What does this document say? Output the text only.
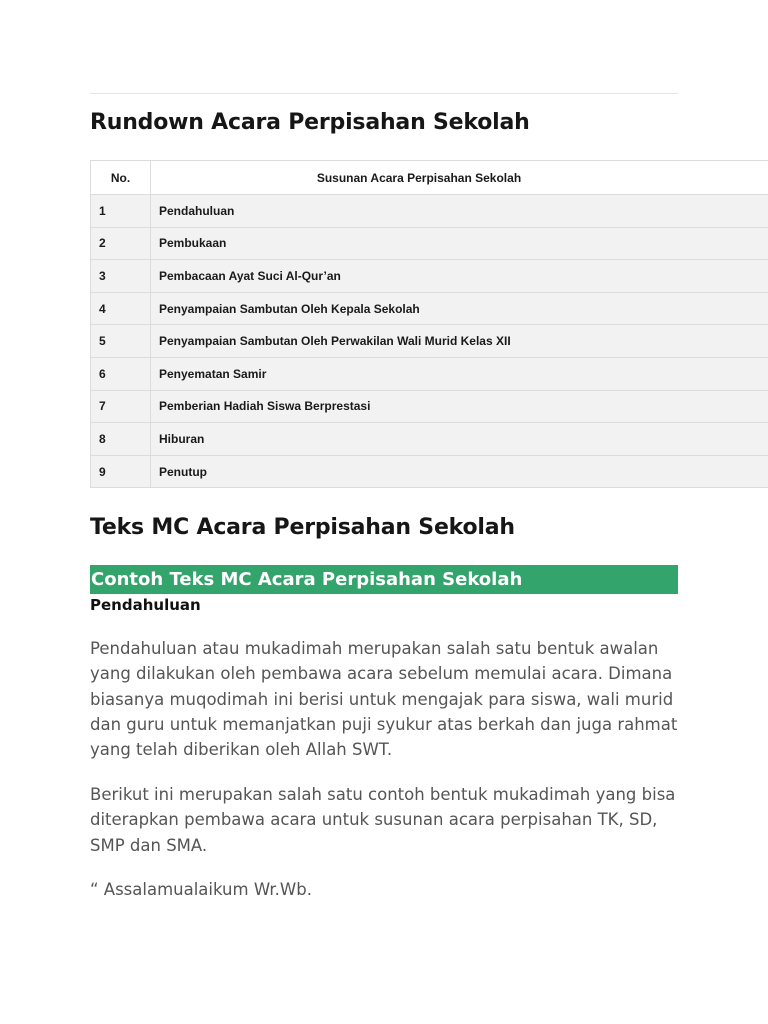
Rundown Acara Perpisahan Sekolah
No.	Susunan Acara Perpisahan Sekolah
1	Pendahuluan
2	Pembukaan
3	Pembacaan Ayat Suci Al-Qur’an
4	Penyampaian Sambutan Oleh Kepala Sekolah
5	Penyampaian Sambutan Oleh Perwakilan Wali Murid Kelas XII
6	Penyematan Samir
7	Pemberian Hadiah Siswa Berprestasi
8	Hiburan
9	Penutup
Teks MC Acara Perpisahan Sekolah
Contoh Teks MC Acara Perpisahan Sekolah
Pendahuluan

Pendahuluan atau mukadimah merupakan salah satu bentuk awalan yang dilakukan oleh pembawa acara sebelum memulai acara. Dimana biasanya muqodimah ini berisi untuk mengajak para siswa, wali murid dan guru untuk memanjatkan puji syukur atas berkah dan juga rahmat yang telah diberikan oleh Allah SWT.

Berikut ini merupakan salah satu contoh bentuk mukadimah yang bisa diterapkan pembawa acara untuk susunan acara perpisahan TK, SD, SMP dan SMA.

“ Assalamualaikum Wr.Wb.
